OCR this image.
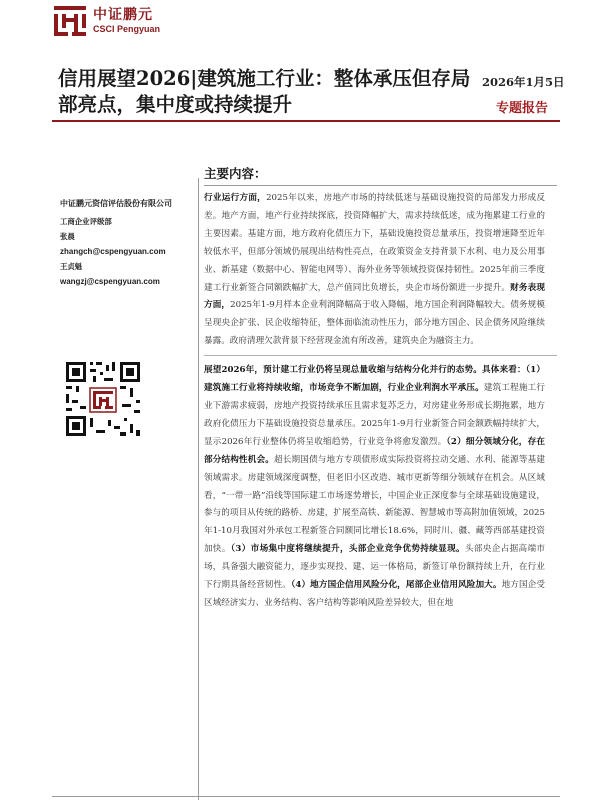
中证鹏元
CSCI Pengyuan
信用展望2026|建筑施工行业：整体承压但存局部亮点，集中度或持续提升
2026年1月5日
专题报告
中证鹏元资信评估股份有限公司
工商企业评级部
张晨
zhangch@cspengyuan.com
王贞魁
wangzj@cspengyuan.com
主要内容：

行业运行方面，2025年以来，房地产市场的持续低迷与基础设施投资的局部发力形成反差。地产方面，地产行业持续探底，投资降幅扩大，需求持续低迷，成为拖累建工行业的主要因素。基建方面，地方政府化债压力下，基础设施投资总量承压，投资增速降至近年较低水平，但部分领域仍展现出结构性亮点，在政策资金支持背景下水利、电力及公用事业、新基建（数据中心、智能电网等）、海外业务等领域投资保持韧性。2025年前三季度建工行业新签合同额跌幅扩大，总产值同比负增长，央企市场份额进一步提升。财务表现方面，2025年1-9月样本企业利润降幅高于收入降幅，地方国企利润降幅较大。债务规模呈现央企扩张、民企收缩特征，整体面临流动性压力，部分地方国企、民企债务风险继续暴露。政府清理欠款背景下经营现金流有所改善，建筑央企为融资主力。

展望2026年，预计建工行业仍将呈现总量收缩与结构分化并行的态势。具体来看：（1）建筑施工行业将持续收缩，市场竞争不断加剧，行业企业利润水平承压。建筑工程施工行业下游需求疲弱，房地产投资持续承压且需求复苏乏力，对房建业务形成长期拖累，地方政府化债压力下基础设施投资总量承压。2025年1-9月行业新签合同金额跌幅持续扩大，显示2026年行业整体仍将呈收缩趋势，行业竞争将愈发激烈。（2）细分领域分化，存在部分结构性机会。超长期国债与地方专项债形成实际投资将拉动交通、水利、能源等基建领域需求。房建领域深度调整，但老旧小区改造、城市更新等细分领域存在机会。从区域看，“一带一路”沿线等国际建工市场逐势增长，中国企业正深度参与全球基础设施建设，参与的项目从传统的路桥、房建，扩展至高铁、新能源、智慧城市等高附加值领域，2025年1-10月我国对外承包工程新签合同额同比增长18.6%，同时川、疆、藏等西部基建投资加快。（3）市场集中度将继续提升，头部企业竞争优势持续显现。头部央企占据高端市场，具备强大融资能力，逐步实现投、建、运一体格局，新签订单份额持续上升，在行业下行期具备经营韧性。（4）地方国企信用风险分化，尾部企业信用风险加大。地方国企受区域经济实力、业务结构、客户结构等影响风险差异较大，但在地
